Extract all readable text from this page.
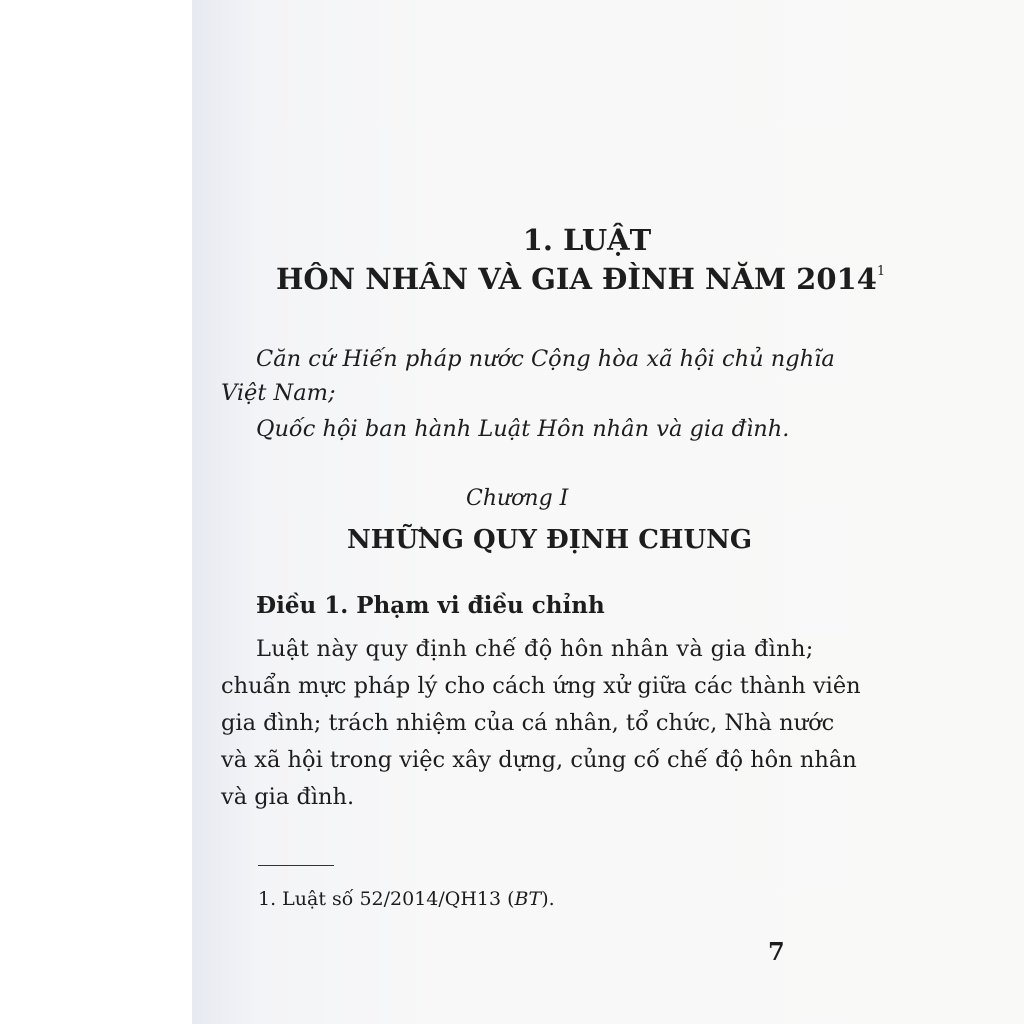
1. LUẬT
HÔN NHÂN VÀ GIA ĐÌNH NĂM 2014$^1$
Căn cứ Hiến pháp nước Cộng hòa xã hội chủ nghĩa
Việt Nam;
Quốc hội ban hành Luật Hôn nhân và gia đình.
Chương I
NHỮNG QUY ĐỊNH CHUNG
Điều 1. Phạm vi điều chỉnh
Luật này quy định chế độ hôn nhân và gia đình;
chuẩn mực pháp lý cho cách ứng xử giữa các thành viên
gia đình; trách nhiệm của cá nhân, tổ chức, Nhà nước
và xã hội trong việc xây dựng, củng cố chế độ hôn nhân
và gia đình.
1. Luật số 52/2014/QH13 (BT).
7
